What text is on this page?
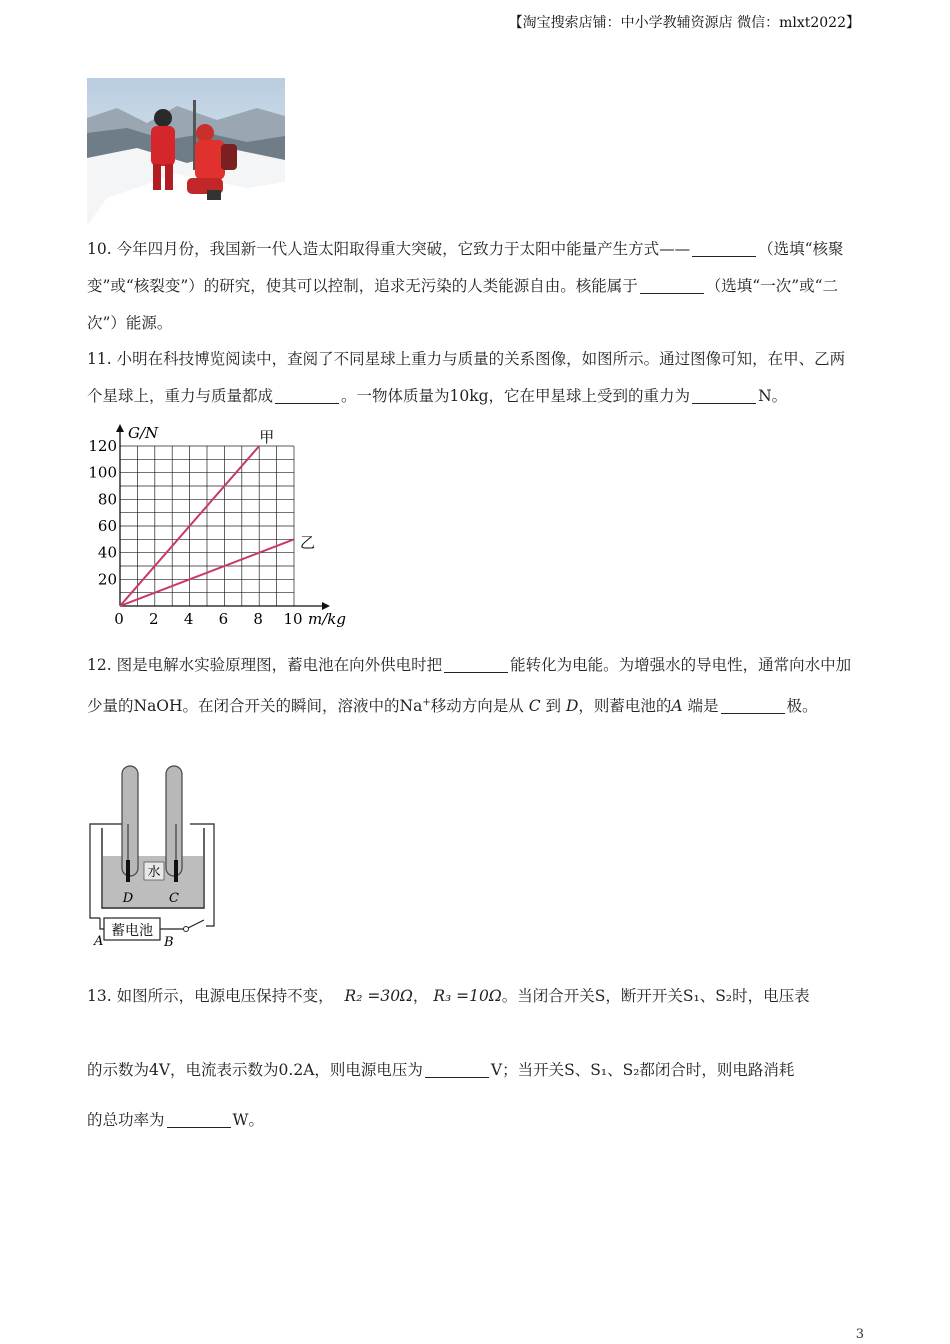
【淘宝搜索店铺：中小学教辅资源店 微信：mlxt2022】
10. 今年四月份，我国新一代人造太阳取得重大突破，它致力于太阳中能量产生方式——	（选填“核聚变”或“核裂变”）的研究，使其可以控制，追求无污染的人类能源自由。核能属于	（选填“一次”或“二次”）能源。
11. 小明在科技博览阅读中，查阅了不同星球上重力与质量的关系图像，如图所示。通过图像可知，在甲、乙两个星球上，重力与质量都成	。一物体质量为10kg，它在甲星球上受到的重力为	N。
0 2 4 6 8 10
20
40
60
80
100
120
G/N
m/kg
甲
乙
12. 图是电解水实验原理图，蓄电池在向外供电时把	能转化为电能。为增强水的导电性，通常向水中加少量的NaOH。在闭合开关的瞬间，溶液中的Na+移动方向是从 C 到 D，则蓄电池的A 端是	极。
水
D	C
蓄电池
A	B
13. 如图所示，电源电压保持不变， R₂ =30Ω， R₃ =10Ω。当闭合开关S，断开开关S₁、S₂时，电压表
的示数为4V，电流表示数为0.2A，则电源电压为	V；当开关S、S₁、S₂都闭合时，则电路消耗
的总功率为	W。
3
